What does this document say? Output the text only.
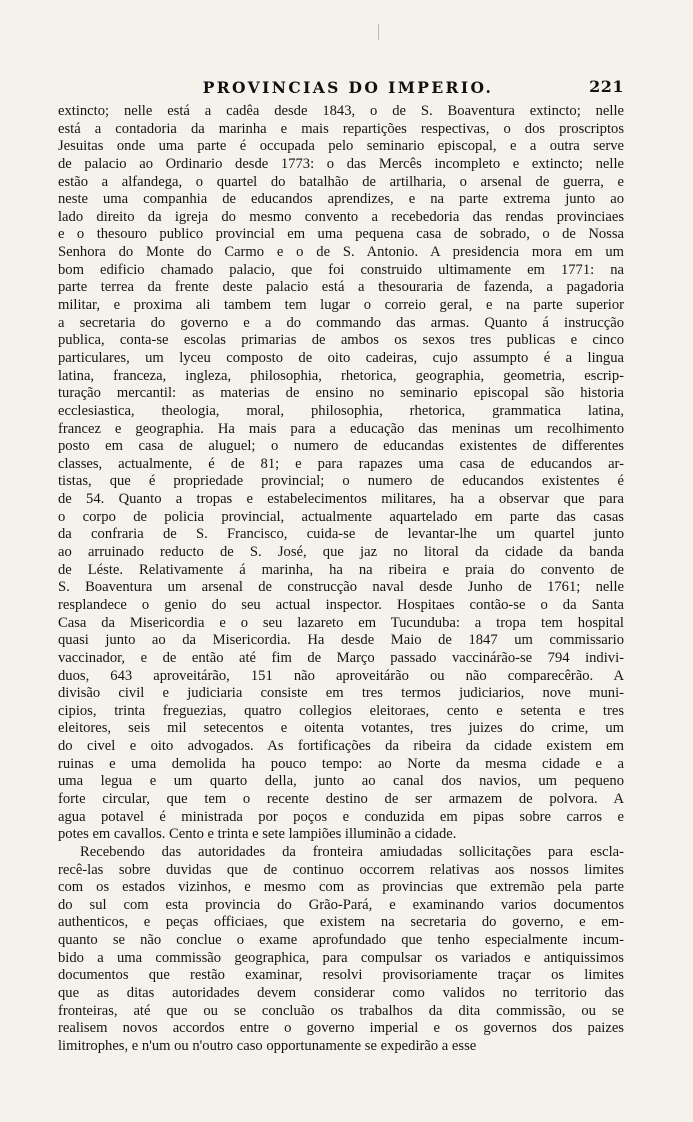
PROVINCIAS DO IMPERIO.	221
extincto; nelle está a cadêa desde 1843, o de S. Boaventura extincto; nelle
está a contadoria da marinha e mais repartições respectivas, o dos proscriptos
Jesuitas onde uma parte é occupada pelo seminario episcopal, e a outra serve
de palacio ao Ordinario desde 1773: o das Mercês incompleto e extincto; nelle
estão a alfandega, o quartel do batalhão de artilharia, o arsenal de guerra, e
neste uma companhia de educandos aprendizes, e na parte extrema junto ao
lado direito da igreja do mesmo convento a recebedoria das rendas provinciaes
e o thesouro publico provincial em uma pequena casa de sobrado, o de Nossa
Senhora do Monte do Carmo e o de S. Antonio. A presidencia mora em um
bom edificio chamado palacio, que foi construido ultimamente em 1771: na
parte terrea da frente deste palacio está a thesouraria de fazenda, a pagadoria
militar, e proxima ali tambem tem lugar o correio geral, e na parte superior
a secretaria do governo e a do commando das armas. Quanto á instrucção
publica, conta-se escolas primarias de ambos os sexos tres publicas e cinco
particulares, um lyceu composto de oito cadeiras, cujo assumpto é a lingua
latina, franceza, ingleza, philosophia, rhetorica, geographia, geometria, escrip-
turação mercantil: as materias de ensino no seminario episcopal são historia
ecclesiastica, theologia, moral, philosophia, rhetorica, grammatica latina,
francez e geographia. Ha mais para a educação das meninas um recolhimento
posto em casa de aluguel; o numero de educandas existentes de differentes
classes, actualmente, é de 81; e para rapazes uma casa de educandos ar-
tistas, que é propriedade provincial; o numero de educandos existentes é
de 54. Quanto a tropas e estabelecimentos militares, ha a observar que para
o corpo de policia provincial, actualmente aquartelado em parte das casas
da confraria de S. Francisco, cuida-se de levantar-lhe um quartel junto
ao arruinado reducto de S. José, que jaz no litoral da cidade da banda
de Léste. Relativamente á marinha, ha na ribeira e praia do convento de
S. Boaventura um arsenal de construcção naval desde Junho de 1761; nelle
resplandece o genio do seu actual inspector. Hospitaes contão-se o da Santa
Casa da Misericordia e o seu lazareto em Tucunduba: a tropa tem hospital
quasi junto ao da Misericordia. Ha desde Maio de 1847 um commissario
vaccinador, e de então até fim de Março passado vaccinárão-se 794 indivi-
duos, 643 aproveitárão, 151 não aproveitárão ou não comparecêrão. A
divisão civil e judiciaria consiste em tres termos judiciarios, nove muni-
cipios, trinta freguezias, quatro collegios eleitoraes, cento e setenta e tres
eleitores, seis mil setecentos e oitenta votantes, tres juizes do crime, um
do civel e oito advogados. As fortificações da ribeira da cidade existem em
ruinas e uma demolida ha pouco tempo: ao Norte da mesma cidade e a
uma legua e um quarto della, junto ao canal dos navios, um pequeno
forte circular, que tem o recente destino de ser armazem de polvora. A
agua potavel é ministrada por poços e conduzida em pipas sobre carros e
potes em cavallos. Cento e trinta e sete lampiões illuminão a cidade.
Recebendo das autoridades da fronteira amiudadas sollicitações para escla-
recê-las sobre duvidas que de continuo occorrem relativas aos nossos limites
com os estados vizinhos, e mesmo com as provincias que extremão pela parte
do sul com esta provincia do Grão-Pará, e examinando varios documentos
authenticos, e peças officiaes, que existem na secretaria do governo, e em-
quanto se não conclue o exame aprofundado que tenho especialmente incum-
bido a uma commissão geographica, para compulsar os variados e antiquissimos
documentos que restão examinar, resolvi provisoriamente traçar os limites
que as ditas autoridades devem considerar como validos no territorio das
fronteiras, até que ou se concluão os trabalhos da dita commissão, ou se
realisem novos accordos entre o governo imperial e os governos dos paizes
limitrophes, e n'um ou n'outro caso opportunamente se expedirão a esse
